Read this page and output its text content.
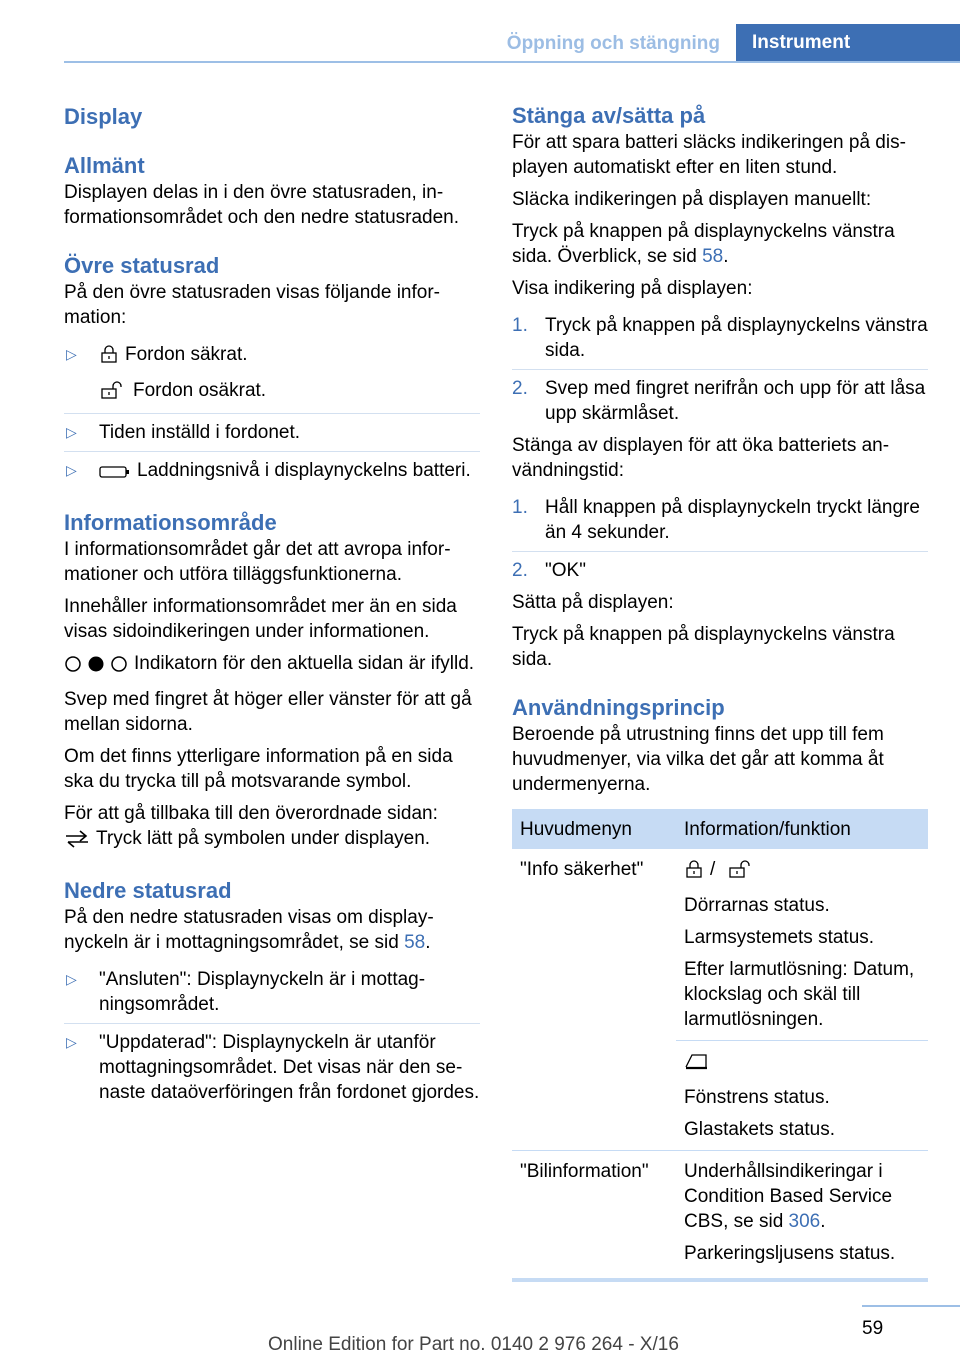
Öppning och stängning	Instrument
Display
Allmänt

Displayen delas in i den övre statusraden, informationsområdet och den nedre statusraden.

Övre statusrad

På den övre statusraden visas följande information:

▷ Fordon säkrat.
Fordon osäkrat.
▷ Tiden inställd i fordonet.
▷ Laddningsnivå i displaynyckelns batteri.
Informationsområde

I informationsområdet går det att avropa informationer och utföra tilläggsfunktionerna.

Innehåller informationsområdet mer än en sida visas sidoindikeringen under informationen.

Indikatorn för den aktuella sidan är ifylld.

Svep med fingret åt höger eller vänster för att gå mellan sidorna.

Om det finns ytterligare information på en sida ska du trycka till på motsvarande symbol.

För att gå tillbaka till den överordnade sidan:
Tryck lätt på symbolen under displayen.

Nedre statusrad

På den nedre statusraden visas om displaynyckeln är i mottagningsområdet, se sid 58.

▷ "Ansluten": Displaynyckeln är i mottagningsområdet.
▷ "Uppdaterad": Displaynyckeln är utanför mottagningsområdet. Det visas när den senaste dataöverföringen från fordonet gjordes.
Stänga av/sätta på

För att spara batteri släcks indikeringen på displayen automatiskt efter en liten stund.

Släcka indikeringen på displayen manuellt:

Tryck på knappen på displaynyckelns vänstra sida. Överblick, se sid 58.

Visa indikering på displayen:

1. Tryck på knappen på displaynyckelns vänstra sida.
2. Svep med fingret nerifrån och upp för att låsa upp skärmlåset.

Stänga av displayen för att öka batteriets användningstid:

1. Håll knappen på displaynyckeln tryckt längre än 4 sekunder.
2. "OK"

Sätta på displayen:

Tryck på knappen på displaynyckelns vänstra sida.

Användningsprincip

Beroende på utrustning finns det upp till fem huvudmenyer, via vilka det går att komma åt undermenyerna.

Huvudmenyn	Information/funktion
"Info säkerhet"	/

Dörrarnas status.

Larmsystemets status.

Efter larmutlösning: Datum, klockslag och skäl till larmutlösningen.

	Fönstrens status.

Glastakets status.

"Bilinformation"	Underhållsindikeringar i Condition Based Service CBS, se sid 306.

Parkeringsljusens status.

59
Online Edition for Part no. 0140 2 976 264 - X/16
